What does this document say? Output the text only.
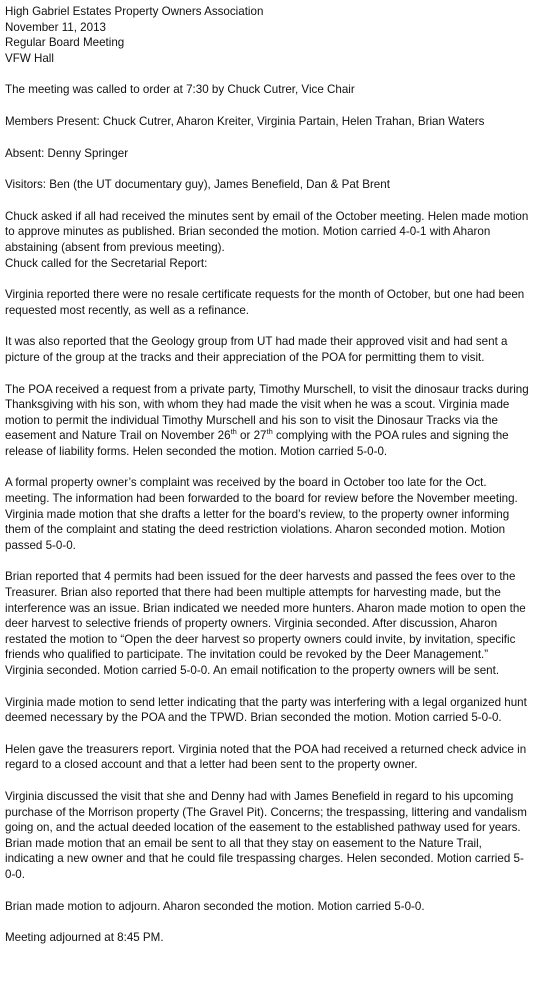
High Gabriel Estates Property Owners Association

November 11, 2013

Regular Board Meeting

VFW Hall

The meeting was called to order at 7:30 by Chuck Cutrer, Vice Chair

Members Present: Chuck Cutrer, Aharon Kreiter, Virginia Partain, Helen Trahan, Brian Waters

Absent: Denny Springer

Visitors: Ben (the UT documentary guy), James Benefield, Dan & Pat Brent

Chuck asked if all had received the minutes sent by email of the October meeting. Helen made motion to approve minutes as published. Brian seconded the motion. Motion carried 4-0-1 with Aharon abstaining (absent from previous meeting).

Chuck called for the Secretarial Report:

Virginia reported there were no resale certificate requests for the month of October, but one had been requested most recently, as well as a refinance.

It was also reported that the Geology group from UT had made their approved visit and had sent a picture of the group at the tracks and their appreciation of the POA for permitting them to visit.

The POA received a request from a private party, Timothy Murschell, to visit the dinosaur tracks during Thanksgiving with his son, with whom they had made the visit when he was a scout. Virginia made motion to permit the individual Timothy Murschell and his son to visit the Dinosaur Tracks via the easement and Nature Trail on November 26th or 27th complying with the POA rules and signing the release of liability forms. Helen seconded the motion. Motion carried 5-0-0.

A formal property owner’s complaint was received by the board in October too late for the Oct. meeting. The information had been forwarded to the board for review before the November meeting. Virginia made motion that she drafts a letter for the board’s review, to the property owner informing them of the complaint and stating the deed restriction violations. Aharon seconded motion. Motion passed 5-0-0.

Brian reported that 4 permits had been issued for the deer harvests and passed the fees over to the Treasurer. Brian also reported that there had been multiple attempts for harvesting made, but the interference was an issue. Brian indicated we needed more hunters. Aharon made motion to open the deer harvest to selective friends of property owners. Virginia seconded. After discussion, Aharon restated the motion to “Open the deer harvest so property owners could invite, by invitation, specific friends who qualified to participate. The invitation could be revoked by the Deer Management.” Virginia seconded. Motion carried 5-0-0. An email notification to the property owners will be sent.

Virginia made motion to send letter indicating that the party was interfering with a legal organized hunt deemed necessary by the POA and the TPWD. Brian seconded the motion. Motion carried 5-0-0.

Helen gave the treasurers report. Virginia noted that the POA had received a returned check advice in regard to a closed account and that a letter had been sent to the property owner.

Virginia discussed the visit that she and Denny had with James Benefield in regard to his upcoming purchase of the Morrison property (The Gravel Pit). Concerns; the trespassing, littering and vandalism going on, and the actual deeded location of the easement to the established pathway used for years. Brian made motion that an email be sent to all that they stay on easement to the Nature Trail, indicating a new owner and that he could file trespassing charges. Helen seconded. Motion carried 5-0-0.

Brian made motion to adjourn. Aharon seconded the motion. Motion carried 5-0-0.

Meeting adjourned at 8:45 PM.
